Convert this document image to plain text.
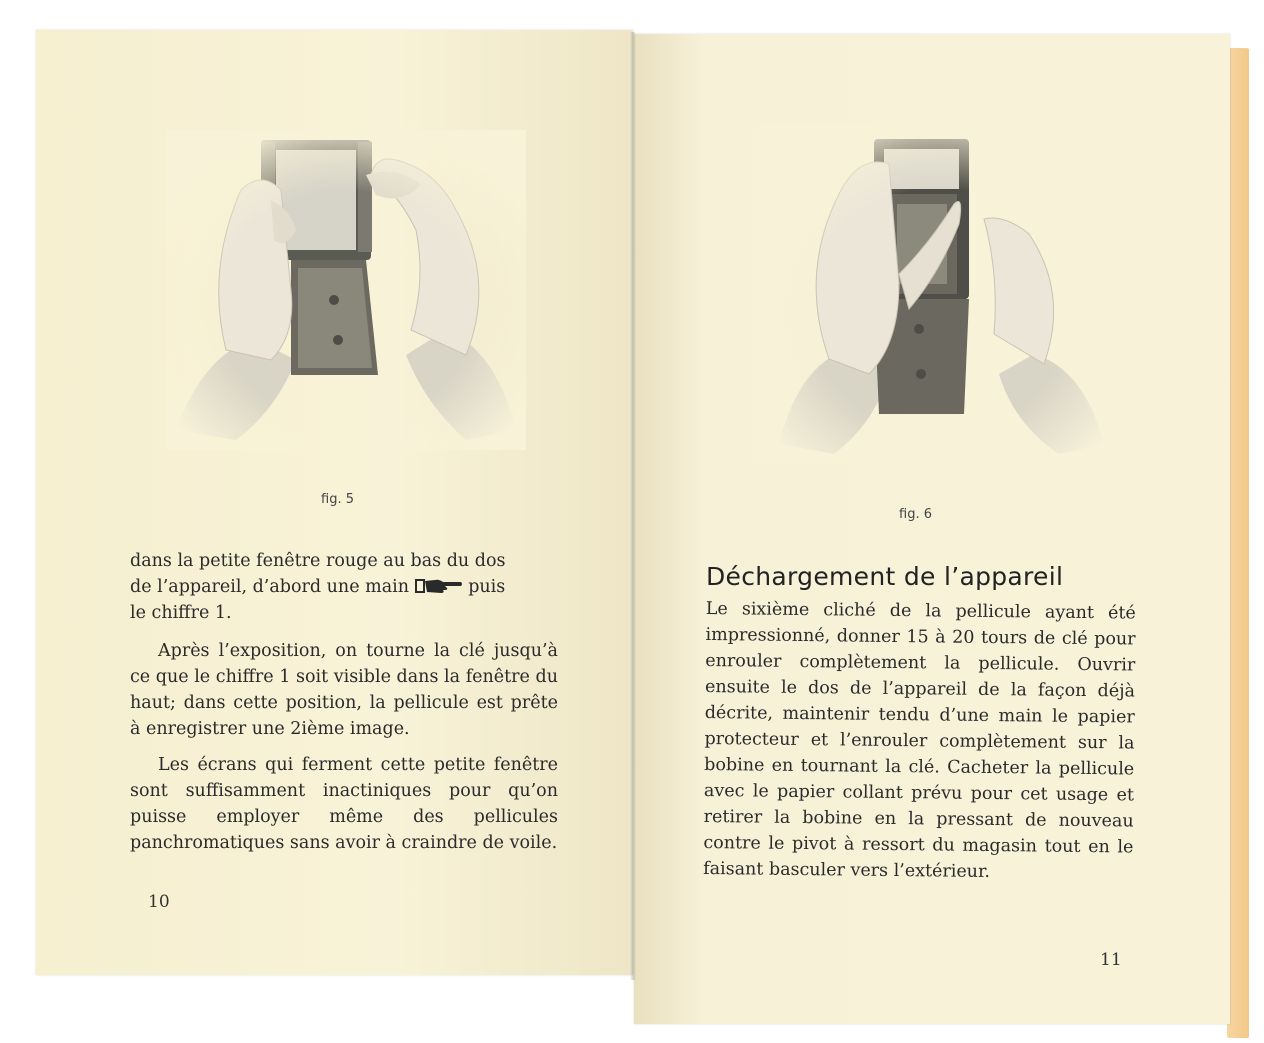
fig. 5

dans la petite fenêtre rouge au bas du dos
de l’appareil, d’abord une main	puis
le chiffre 1.

Après l’exposition, on tourne la clé jusqu’à ce que le chiffre 1 soit visible dans la fenêtre du haut; dans cette position, la pellicule est prête à enregistrer une 2ième image.

Les écrans qui ferment cette petite fenêtre sont suffisamment inactiniques pour qu’on puisse employer même des pellicules panchromatiques sans avoir à craindre de voile.

10
fig. 6
Déchargement de l’appareil

Le sixième cliché de la pellicule ayant été impressionné, donner 15 à 20 tours de clé pour enrouler complètement la pellicule. Ouvrir ensuite le dos de l’appareil de la façon déjà décrite, maintenir tendu d’une main le papier protecteur et l’enrouler complètement sur la bobine en tournant la clé. Cacheter la pellicule avec le papier collant prévu pour cet usage et retirer la bobine en la pressant de nouveau contre le pivot à ressort du magasin tout en le faisant basculer vers l’extérieur.

11
